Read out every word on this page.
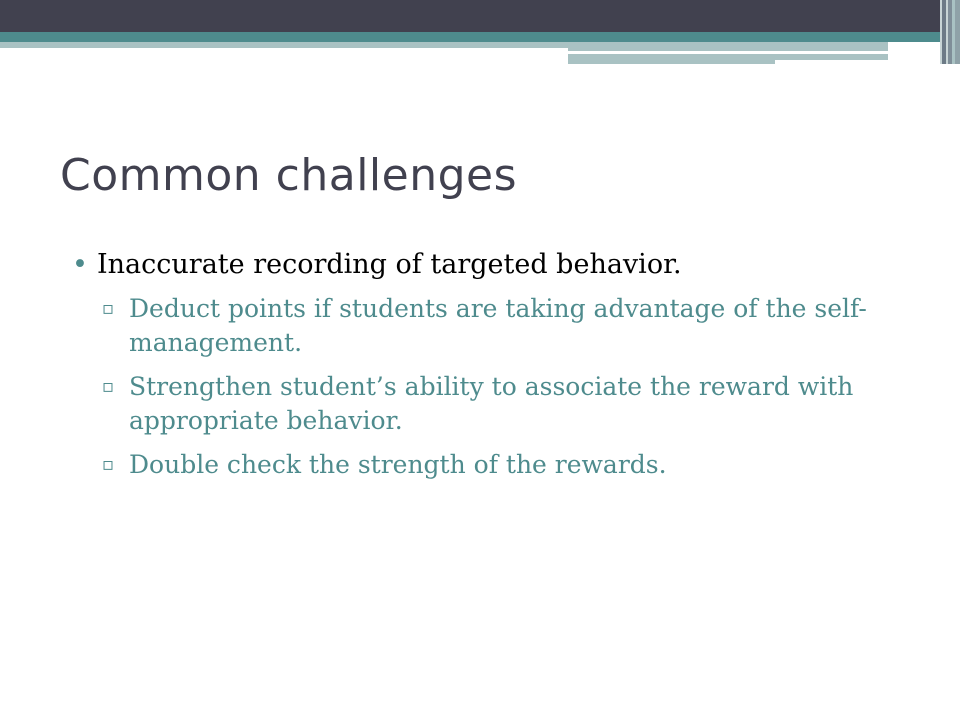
Common challenges
• Inaccurate recording of targeted behavior.
▫ Deduct points if students are taking advantage of the self-management.
▫ Strengthen student’s ability to associate the reward with appropriate behavior.
▫ Double check the strength of the rewards.
